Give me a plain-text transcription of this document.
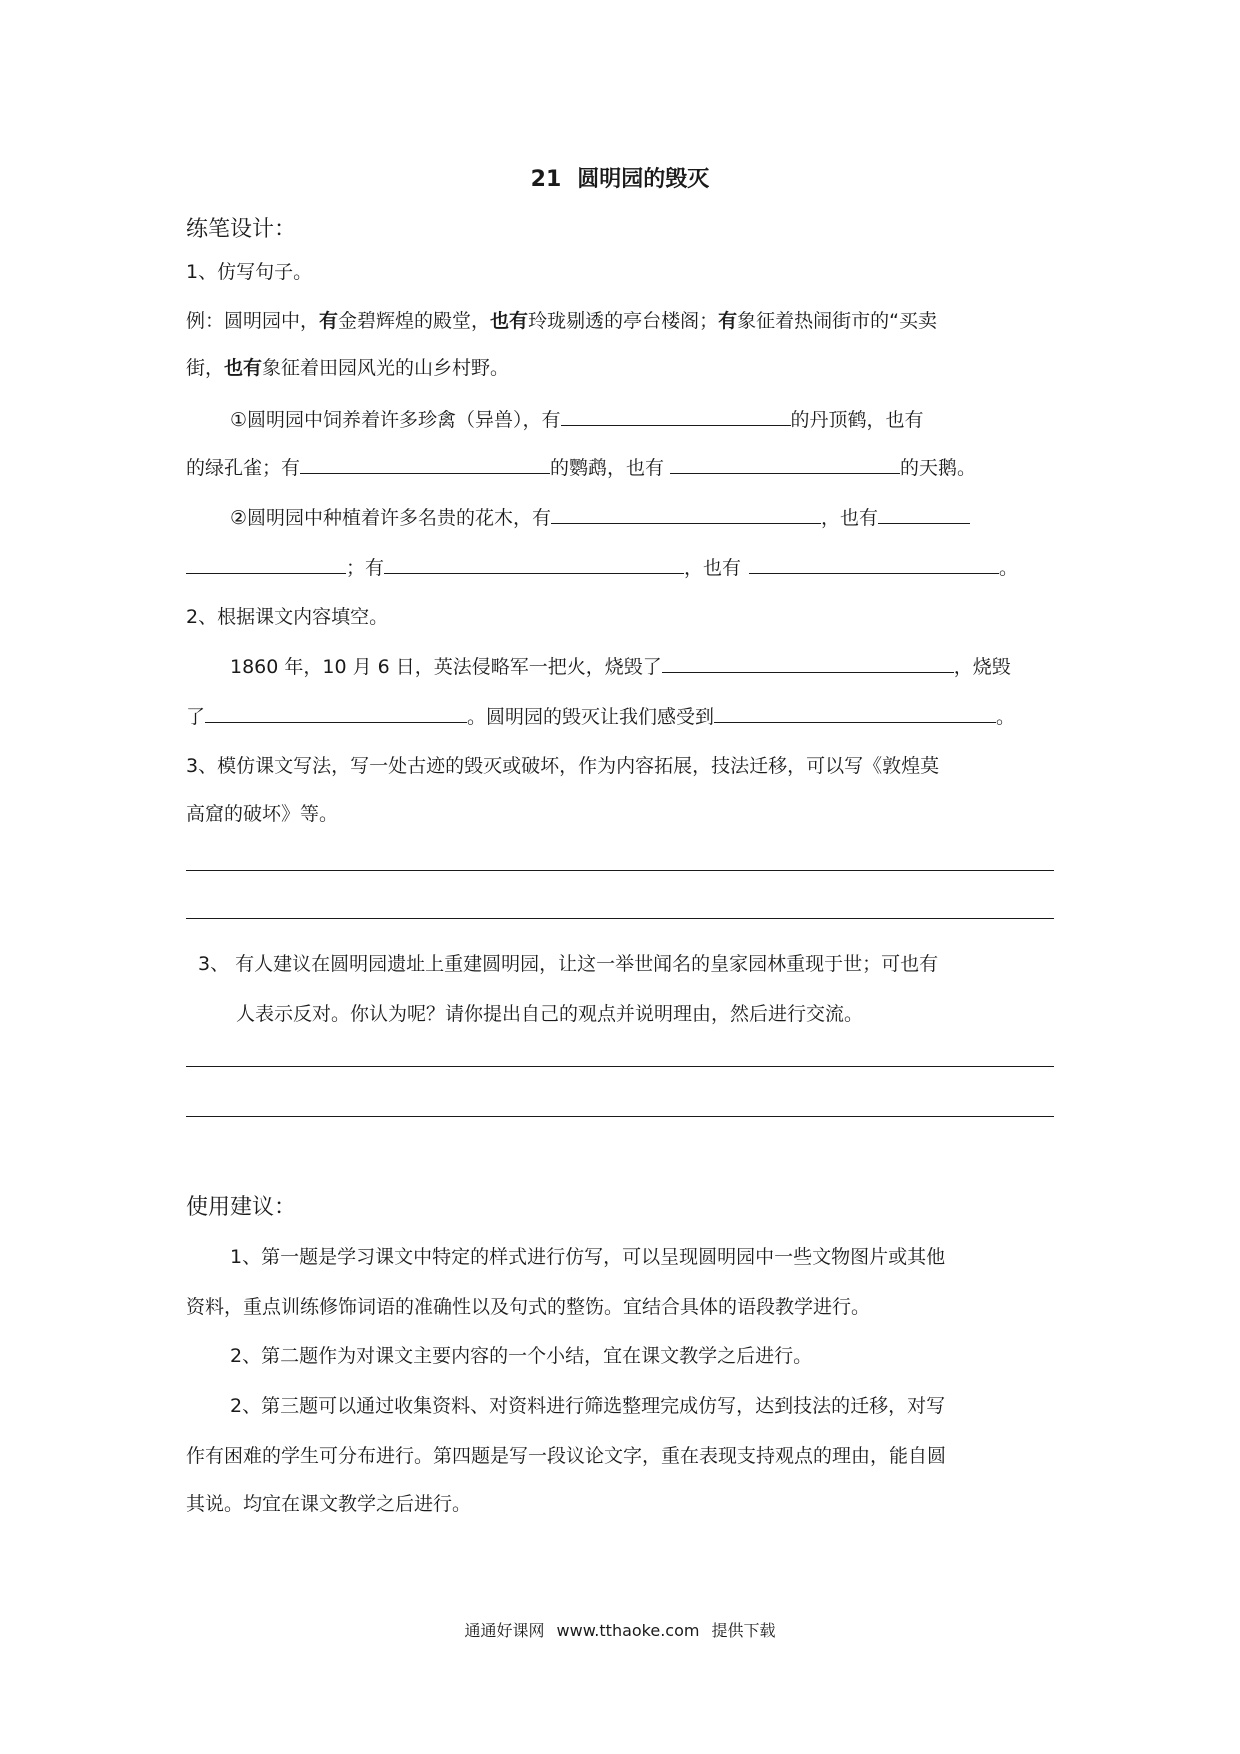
21 圆明园的毁灭
练笔设计：
1、仿写句子。
例：圆明园中，有金碧辉煌的殿堂，也有玲珑剔透的亭台楼阁；有象征着热闹街市的“买卖
街，也有象征着田园风光的山乡村野。
①圆明园中饲养着许多珍禽（异兽），有	的丹顶鹤，也有
的绿孔雀；有	的鹦鹉，也有	的天鹅。
②圆明园中种植着许多名贵的花木，有	，也有
；有	，也有	。
2、根据课文内容填空。
1860 年，10 月 6 日，英法侵略军一把火，烧毁了	，烧毁
了	。圆明园的毁灭让我们感受到	。
3、模仿课文写法，写一处古迹的毁灭或破坏，作为内容拓展，技法迁移，可以写《敦煌莫
高窟的破坏》等。
3、 有人建议在圆明园遗址上重建圆明园，让这一举世闻名的皇家园林重现于世；可也有
人表示反对。你认为呢？请你提出自己的观点并说明理由，然后进行交流。
使用建议：
1、第一题是学习课文中特定的样式进行仿写，可以呈现圆明园中一些文物图片或其他
资料，重点训练修饰词语的准确性以及句式的整饬。宜结合具体的语段教学进行。
2、第二题作为对课文主要内容的一个小结，宜在课文教学之后进行。
2、第三题可以通过收集资料、对资料进行筛选整理完成仿写，达到技法的迁移，对写
作有困难的学生可分布进行。第四题是写一段议论文字，重在表现支持观点的理由，能自圆
其说。均宜在课文教学之后进行。
通通好课网 www.tthaoke.com 提供下载
